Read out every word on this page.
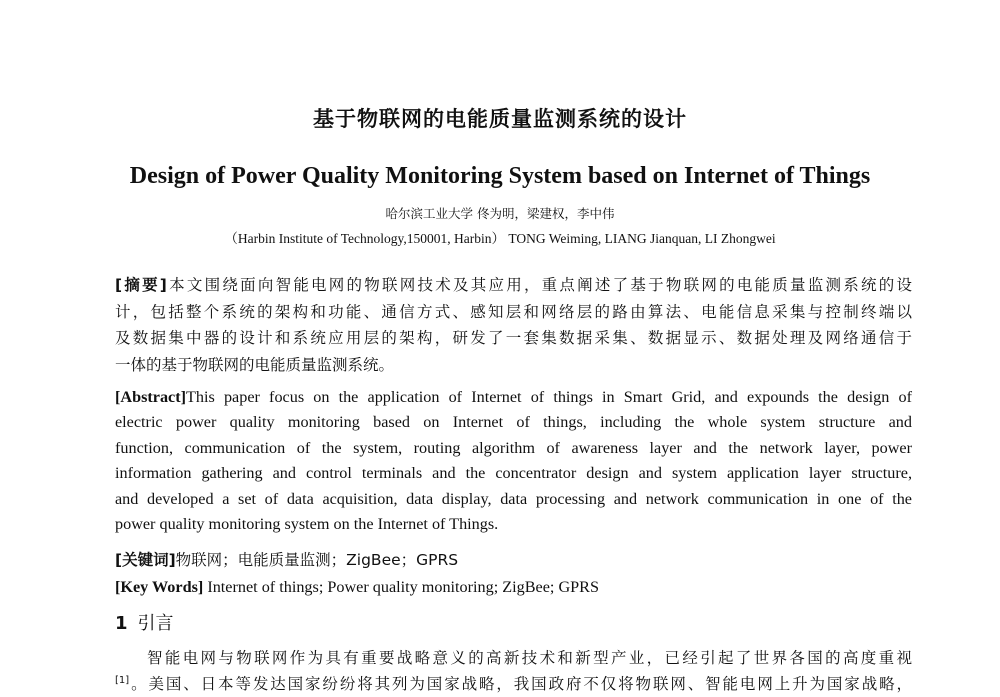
基于物联网的电能质量监测系统的设计
Design of Power Quality Monitoring System based on Internet of Things
哈尔滨工业大学 佟为明，梁建权，李中伟
（Harbin Institute of Technology,150001, Harbin） TONG Weiming, LIANG Jianquan, LI Zhongwei
[摘要]本文围绕面向智能电网的物联网技术及其应用，重点阐述了基于物联网的电能质量监测系统的设
计，包括整个系统的架构和功能、通信方式、感知层和网络层的路由算法、电能信息采集与控制终端以
及数据集中器的设计和系统应用层的架构，研发了一套集数据采集、数据显示、数据处理及网络通信于
一体的基于物联网的电能质量监测系统。
[Abstract]This paper focus on the application of Internet of things in Smart Grid, and expounds the design of
electric power quality monitoring based on Internet of things, including the whole system structure and
function, communication of the system, routing algorithm of awareness layer and the network layer, power
information gathering and control terminals and the concentrator design and system application layer structure,
and developed a set of data acquisition, data display, data processing and network communication in one of the
power quality monitoring system on the Internet of Things.
[关键词]物联网；电能质量监测；ZigBee；GPRS
[Key Words] Internet of things; Power quality monitoring; ZigBee; GPRS
1 引言
智能电网与物联网作为具有重要战略意义的高新技术和新型产业，已经引起了世界各国的高度重视
[1]。美国、日本等发达国家纷纷将其列为国家战略，我国政府不仅将物联网、智能电网上升为国家战略，
